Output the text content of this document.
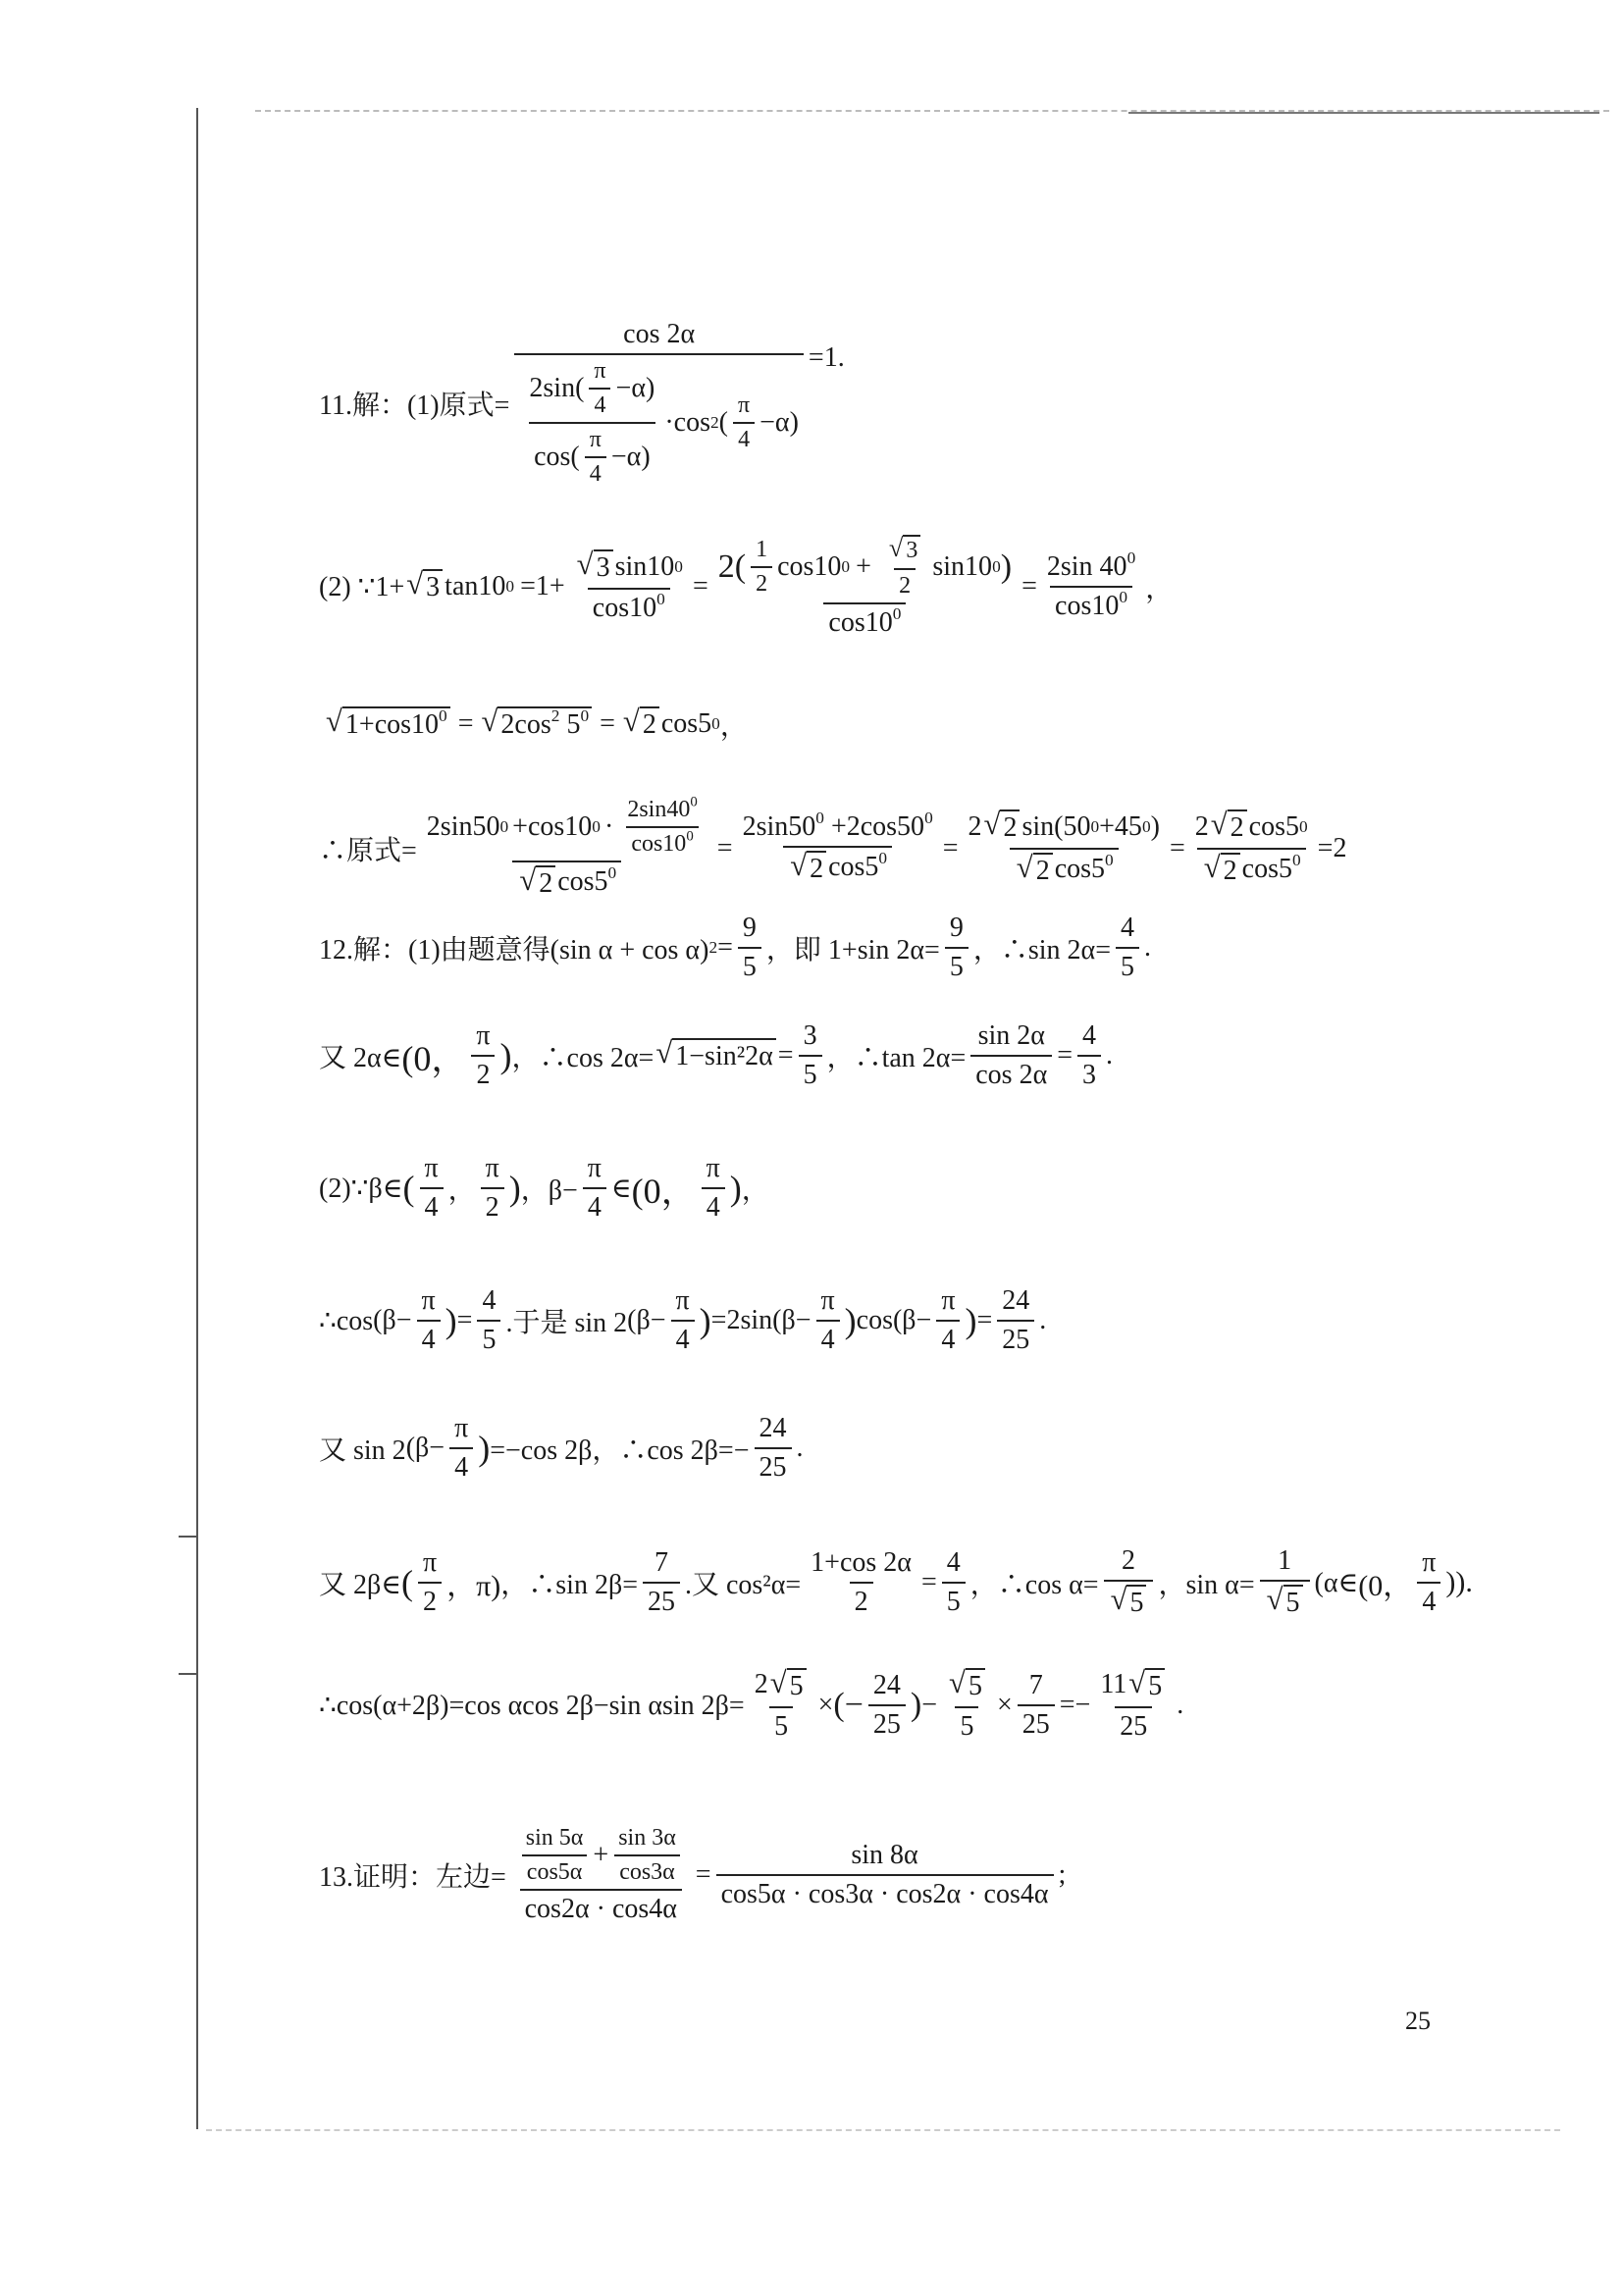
11.解：(1)原式=
cos 2α
$\frac{2\sin( \frac{\pi}{4} -\alpha)}{\cos( \frac{\pi}{4} -\alpha)} \cdot\cos$ 2 ( $\frac{\pi}{4} -\alpha$)
=1.
(2) ∵1+ √ 3 tan10 $0 =1+ \frac{√ 3 \sin 10 0}{\cos 10^0}$ =
$2( \frac{1}{2} \cos 10$ $0 + \frac{√ 3}{2} \sin 10$ 0 )
$\cos 10^0$
= $\frac{2\sin 40^0}{\cos 10^0}$ ，
√ $1+\cos 10^0$ = √ $2\cos^2$ $5^0$ = √ 2 cos5 0 ，
∴原式=
2sin50 0 +cos10 $0 \cdot \frac{2\sin 40^0}{\cos 10^0}$
√ 2 $\cos 5^0$
= $\frac{2\sin 50^0 +2\cos 50^0}{√ 2 \cos 5^0} = \frac{2 √ 2 \sin(50 0 +45 0 )}{√ 2 \cos 5^0} = \frac{2 √ 2 \cos 5 0}{√ 2 \cos 5^0} =2$
12.解：(1)由题意得(sin α + cos α) $2 = \frac{9}{5}$ ，即 1+sin $2\alpha= \frac{9}{5}$ ，∴sin $2\alpha= \frac{4}{5}$ .
又 2α∈ (0， $\frac{\pi}{2}$ ) ，∴cos 2α= √ $1-\sin^22\alpha = \frac{3}{5}$ ，∴tan $2\alpha= \frac{\sin 2\alpha}{\cos 2\alpha} = \frac{4}{3}$ .
(2)∵β∈ ( $\frac{\pi}{4}$ ， $\frac{\pi}{2}$ ) ，$\beta- \frac{\pi}{4}$ ∈ (0， $\frac{\pi}{4}$ ) ，
∴cos ($\beta- \frac{\pi}{4}$ ) = $\frac{4}{5}$ .于是 sin 2 ($\beta- \frac{\pi}{4}$ ) =2sin ($\beta- \frac{\pi}{4}$ ) $\cos (\beta- \frac{\pi}{4}$ ) = $\frac{24}{25}$ .
又 sin 2 ($\beta- \frac{\pi}{4}$ ) =−cos 2β，∴cos $2\beta=- \frac{24}{25}$ .
又 2β∈ ( $\frac{\pi}{2}$ ，π) ，∴sin $2\beta= \frac{7}{25}$ .又 $\cos^2\alpha= \frac{1+\cos 2\alpha}{2} = \frac{4}{5}$ ，∴cos $\alpha= \frac{2}{√ 5}$ ，$\sin \alpha= \frac{1}{√ 5}$ (α∈ (0， $\frac{\pi}{4}$ ) ).
∴cos(α+2β)=cos αcos 2β−sin αsin $2\beta= \frac{2 √ 5}{5}$ × (− $\frac{24}{25}$ ) − $\frac{√ 5}{5} \times \frac{7}{25} =- \frac{11 √ 5}{25}$ .
13.证明：左边= $\frac{\frac{\sin 5\alpha}{\cos 5\alpha} + \frac{\sin 3\alpha}{\cos 3\alpha}}{\cos 2\alpha \cdot \cos 4\alpha} = \frac{\sin 8\alpha}{\cos 5\alpha \cdot \cos 3\alpha \cdot \cos 2\alpha \cdot \cos 4\alpha}$ ;
25
